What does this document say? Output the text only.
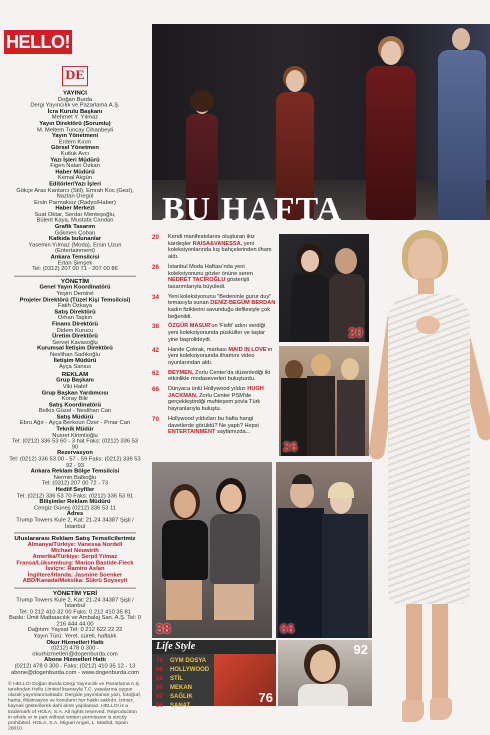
HELLO!
DE
YAYINCI
Doğan Burda
Dergi Yayıncılık ve Pazarlama A.Ş.
İcra Kurulu Başkanı
Mehmet Y. Yılmaz
Yayın Direktörü (Sorumlu)
M. Meltem Tuncay Cihanbeyli
Yayın Yönetmeni
Erdem Kırım
Görsel Yönetmen
Kutluk Avcı
Yazı İşleri Müdürü
Figen Nalan Özkan
Haber Müdürü
Kemal Akgün
Editörler/Yazı İşleri
Gökçe Aras Kantarcı (Stil), Emrah Koc (Gezi), Nazlan Üregül
Ersin Parmaksız (Radyo/Haber)
Haber Merkezi
Suat Oktar, Serdar Menteşoğlu,
Bülent Kaya, Mustafa Candan
Grafik Tasarım
Gökmen Çoban
Katkıda bulunanlar
Yasemin Yılmaz (Moda), Ersin Uzun (Entertainment)
Ankara Temsilcisi
Ertan Şimşek
Tel: (0312) 207 00 71 - 207 00 86
YÖNETİM
Genel Yayın Koordinatörü
Yeşim Demirel
Projeler Direktörü (Tüzel Kişi Temsilcisi)
Fatih Özkaya
Satış Direktörü
Orhan Taşkın
Finans Direktörü
Didem Kurucu
Üretim Direktörü
Servet Kavasoğlu
Kurumsal İletişim Direktörü
Neslihan Sadıkoğlu
İletişim Müdürü
Ayça Sanius
REKLAM
Grup Başkanı
Viki Habif
Grup Başkan Yardımcısı
Koray Bilir
Satış Koordinatörü
Belkıs Güzel - Neslihan Can
Satış Müdürü
Ebru Ağır - Ayça Berkoun Özer - Pınar Can
Teknik Müdür
Nusret Kirimlioğlu
Tel: (0212) 336 53 60 - 3 hat Faks: (0212) 336 53 90
Rezervasyon
Tel: (0212) 336 53 00 - 57 - 59 Faks: (0212) 336 53 92 - 93
Ankara Reklam Bölge Temsilcisi
Nermin Balkoğlu
Tel: (0312) 207 00 72 - 73
Hediif Seyfiler
Tel: (0212) 336 53 70 Faks: (0212) 336 53 91
Bilişimler Reklam Müdürü
Cengiz Güneş (0212) 336 53 11
Adres
Trump Towers Kule 2, Kat: 21-24 34387 Şişli / İstanbul
Uluslararası Reklam Satış Temsilcilerimiz
Almanya/Türkiye: Vanessa Nordell
Michael Neuwirth
Amerika/Türkiye: Serpil Yılmaz
Fransa/Lüksemburg: Marion Bastide-Fleck
İsviçre: Ramiro Aslan
İngiltere/İrlanda: Jasmine Soenker
ABD/Kanada/Meksika: Sükrü Soyseyit
YÖNETİM YERİ
Trump Towers Kule 2, Kat: 21-24 34387 Şişli / İstanbul
Tel: 0 212 410 32 00 Faks: 0 212 410 35 81
Baskı: Ümit Matbaacılık ve Ambalaj San. A.Ş. Tel: 0 216 444 44 00
Dağıtım: Yaysat Tel: 0 212 622 22 22
Yayın Türü: Yerel, süreli, haftalık
Okur Hizmetleri Hattı
(0212) 478 0 300 - okurhizmetleri@dogenburda.com
Abone Hizmetleri Hattı
(0212) 478 0 300 - Faks: (0212) 410 35 12 - 13
abone@dogenburda.com - www.dogenburda.com
© HELLO! Doğan Burda Dergi Yayıncılık ve Pazarlama A.Ş. tarafından Hello Limited lisansıyla T.C. yasalarına uygun olarak yayımlanmaktadır. Dergide yayımlanan yazı, fotoğraf, harita, illüstrasyon ve konuların her hakkı saklıdır. İzinsiz, kaynak gösterilerek dahi alıntı yapılamaz. HELLO! is a trademark of HOLA, S.A. All rights reserved. Reproduction in whole or in part without written permission is strictly prohibited. HOLA, S.A. Miguel Angel, 1. Madrid, Spain 28010.
BU HAFTA
20	Kendi manifestolarını oluşturan ikiz kardeşler RAISA&VANESSA, yeni koleksiyonlarında kış bahçelerinden ilham aldı.
26	İstanbul Moda Haftası'nda yeni koleksiyonunu gözler önüne seren NEDRET TACİROĞLU gösterişli tasarımlarıyla büyüledi.
34	Yeni koleksiyonunu "Bedeninle gurur duy" temasıyla sunan DENİZ-BEGÜM BERDAN kadın fiziklerini savunduğu defilesiyle çok beğenildi.
38	ÖZGÜR MASUR'un 'Fisfit' adını verdiği yeni koleksiyonunda püsküller ve taşlar yine başrolldeydi.
42	Hande Çokrak, markası MAID IN LOVE'ın yeni koleksiyonunda ilhamını video oyunlarından aldı.
62	BEYMEN, Zorlu Center'da düzenlediği iki etkinlikle modaseverleri buluşturdu.
66	Dünyaca ünlü Hollywood yıldızı HUGH JACKMAN, Zorlu Center PSM'de gerçekleştirdiği muhteşem şovla Türk hayranlarıyla buluştu.
70	Hollywood yıldızları bu hafta hangi davetlerde görüldü? Ne yaptı? Hepsi ENTERTAINMENT sayfamızda...
20
26
38	66
Life Style
76 GYM DOSYA
86 HOLLYWOOD
88 STİL
90 MEKAN
92 SAĞLIK
94 SANAT
76
92
